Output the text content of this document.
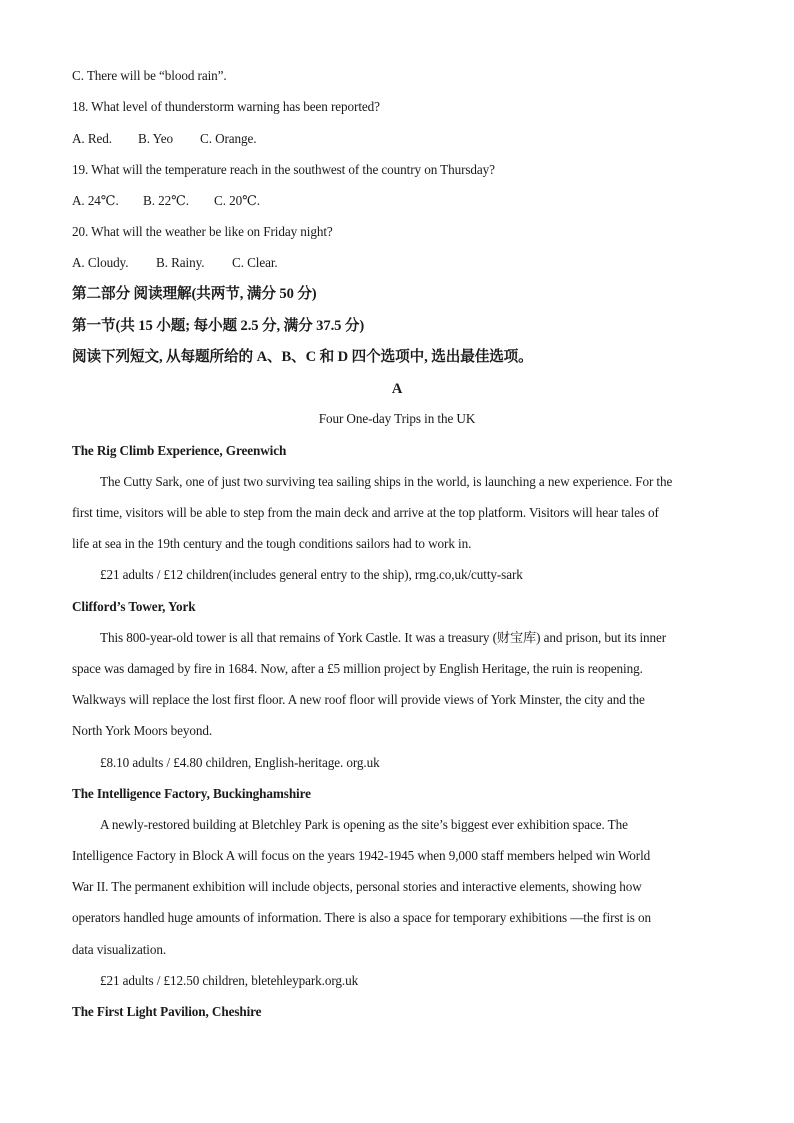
C. There will be “blood rain”.
18. What level of thunderstorm warning has been reported?
A. Red. B. Yeo C. Orange.
19. What will the temperature reach in the southwest of the country on Thursday?
A. 24℃. B. 22℃. C. 20℃.
20. What will the weather be like on Friday night?
A. Cloudy. B. Rainy. C. Clear.
第二部分 阅读理解(共两节, 满分 50 分)
第一节(共 15 小题; 每小题 2.5 分, 满分 37.5 分)
阅读下列短文, 从每题所给的 A、B、C 和 D 四个选项中, 选出最佳选项。
A
Four One-day Trips in the UK
The Rig Climb Experience, Greenwich
The Cutty Sark, one of just two surviving tea sailing ships in the world, is launching a new experience. For the
first time, visitors will be able to step from the main deck and arrive at the top platform. Visitors will hear tales of
life at sea in the 19th century and the tough conditions sailors had to work in.
£21 adults / £12 children(includes general entry to the ship), rmg.co,uk/cutty-sark
Clifford’s Tower, York
This 800-year-old tower is all that remains of York Castle. It was a treasury (财宝库) and prison, but its inner
space was damaged by fire in 1684. Now, after a £5 million project by English Heritage, the ruin is reopening.
Walkways will replace the lost first floor. A new roof floor will provide views of York Minster, the city and the
North York Moors beyond.
£8.10 adults / £4.80 children, English-heritage. org.uk
The Intelligence Factory, Buckinghamshire
A newly-restored building at Bletchley Park is opening as the site’s biggest ever exhibition space. The
Intelligence Factory in Block A will focus on the years 1942-1945 when 9,000 staff members helped win World
War II. The permanent exhibition will include objects, personal stories and interactive elements, showing how
operators handled huge amounts of information. There is also a space for temporary exhibitions —the first is on
data visualization.
£21 adults / £12.50 children, bletehleypark.org.uk
The First Light Pavilion, Cheshire
